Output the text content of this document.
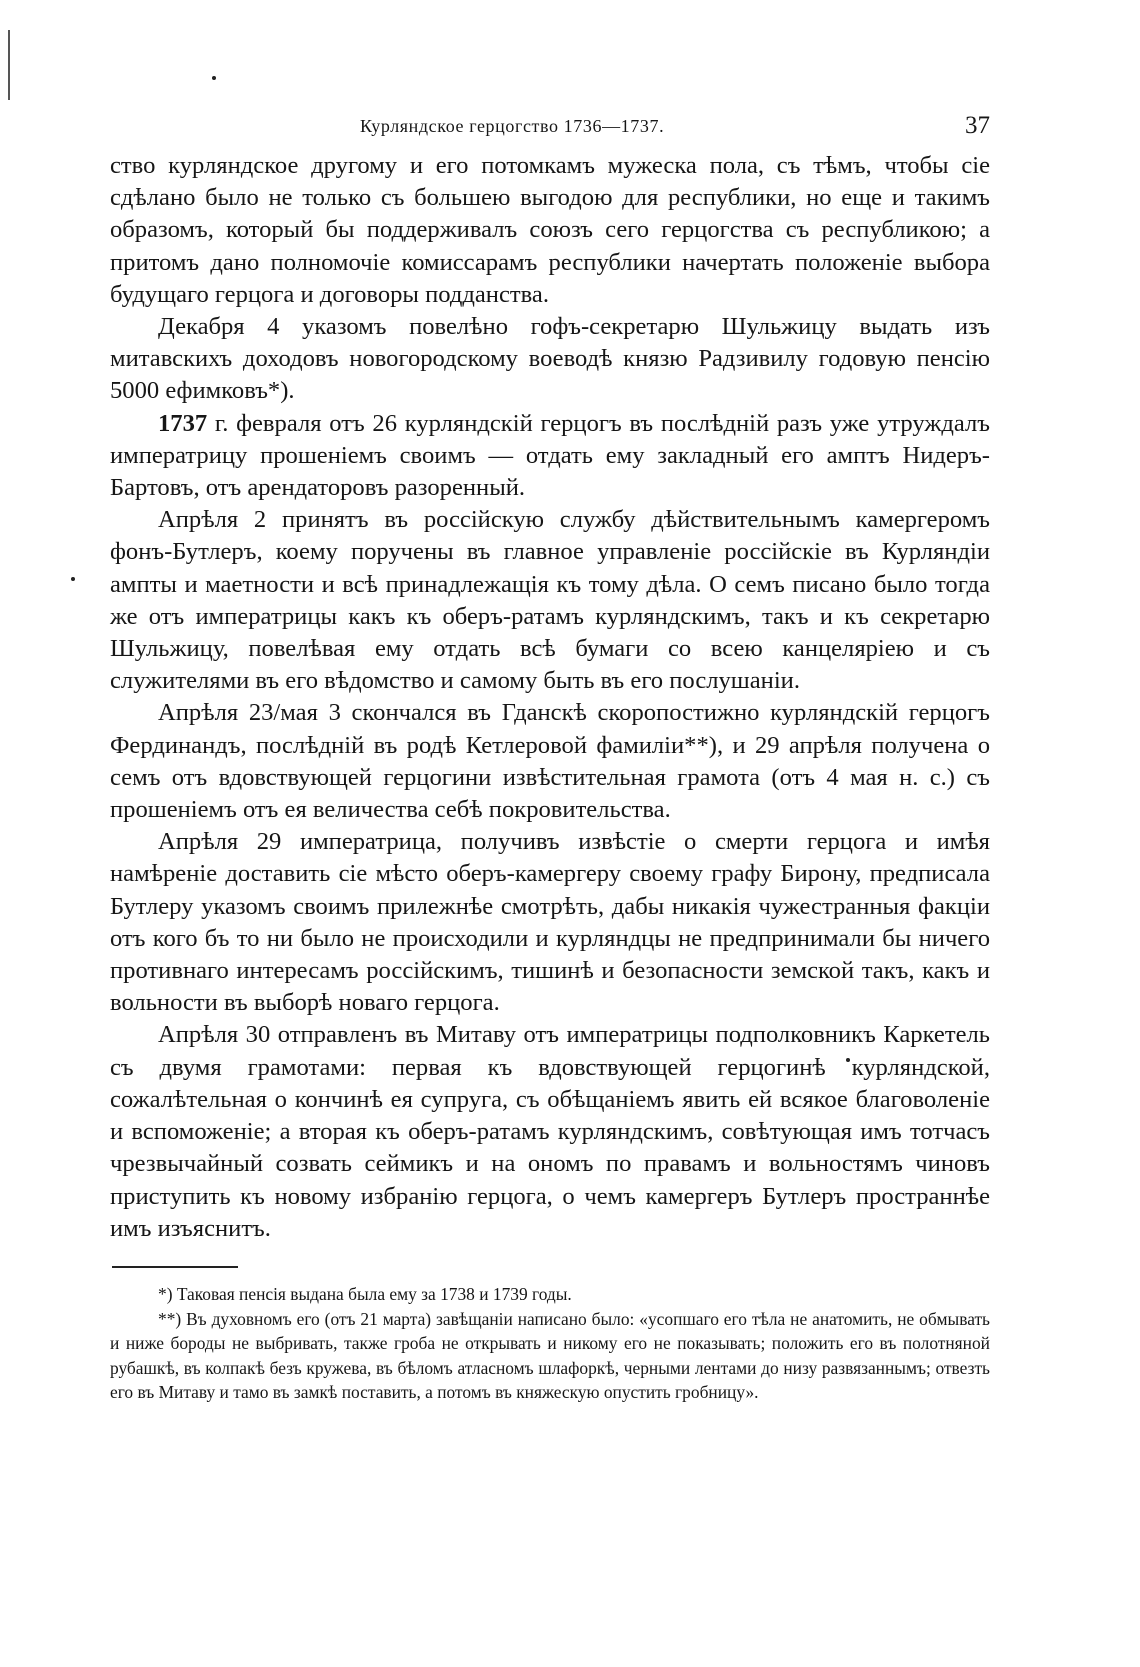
Курляндское герцогство 1736—1737.	37

ство курляндское другому и его потомкамъ мужеска пола, съ тѣмъ, чтобы сiе сдѣлано было не только съ большею выгодою для республики, но еще и такимъ образомъ, который бы поддерживалъ союзъ сего герцогства съ республикою; а притомъ дано полномочiе комиссарамъ республики начертать положенiе выбора будущаго герцога и договоры подданства.

Декабря 4 указомъ повелѣно гофъ-секретарю Шульжицу выдать изъ митавскихъ доходовъ новогородскому воеводѣ князю Радзивилу годовую пенсiю 5000 ефимковъ*).

1737 г. февраля отъ 26 курляндскiй герцогъ въ послѣднiй разъ уже утруждалъ императрицу прошенiемъ своимъ — отдать ему закладный его амптъ Нидеръ-Бартовъ, отъ арендаторовъ разоренный.

Апрѣля 2 принятъ въ россiйскую службу дѣйствительнымъ камергеромъ фонъ-Бутлеръ, коему поручены въ главное управленiе россiйскiе въ Курляндiи ампты и маетности и всѣ принадлежащiя къ тому дѣла. О семъ писано было тогда же отъ императрицы какъ къ оберъ-ратамъ курляндскимъ, такъ и къ секретарю Шульжицу, повелѣвая ему отдать всѣ бумаги со всею канцелярiею и съ служителями въ его вѣдомство и самому быть въ его послушанiи.

Апрѣля 23/мая 3 скончался въ Гданскѣ скоропостижно курляндскiй герцогъ Фердинандъ, послѣднiй въ родѣ Кетлеровой фамилiи**), и 29 апрѣля получена о семъ отъ вдовствующей герцогини извѣстительная грамота (отъ 4 мая н. с.) съ прошенiемъ отъ ея величества себѣ покровительства.

Апрѣля 29 императрица, получивъ извѣстiе о смерти герцога и имѣя намѣренiе доставить сiе мѣсто оберъ-камергеру своему графу Бирону, предписала Бутлеру указомъ своимъ прилежнѣе смотрѣть, дабы никакiя чужестранныя факцiи отъ кого бъ то ни было не происходили и курляндцы не предпринимали бы ничего противнаго интересамъ россiйскимъ, тишинѣ и безопасности земской такъ, какъ и вольности въ выборѣ новаго герцога.

Апрѣля 30 отправленъ въ Митаву отъ императрицы подполковникъ Каркетель съ двумя грамотами: первая къ вдовствующей герцогинѣ курляндской, сожалѣтельная о кончинѣ ея супруга, съ обѣщанiемъ явить ей всякое благоволенiе и вспоможенiе; а вторая къ оберъ-ратамъ курляндскимъ, совѣтующая имъ тотчасъ чрезвычайный созвать сеймикъ и на ономъ по правамъ и вольностямъ чиновъ приступить къ новому избранiю герцога, о чемъ камергеръ Бутлеръ пространнѣе имъ изъяснитъ.

*) Таковая пенсiя выдана была ему за 1738 и 1739 годы.

**) Въ духовномъ его (отъ 21 марта) завѣщанiи написано было: «усопшаго его тѣла не анатомить, не обмывать и ниже бороды не выбривать, также гроба не открывать и никому его не показывать; положить его въ полотняной рубашкѣ, въ колпакѣ безъ кружева, въ бѣломъ атласномъ шлафоркѣ, черными лентами до низу развязаннымъ; отвезть его въ Митаву и тамо въ замкѣ поставить, а потомъ въ княжескую опустить гробницу».
